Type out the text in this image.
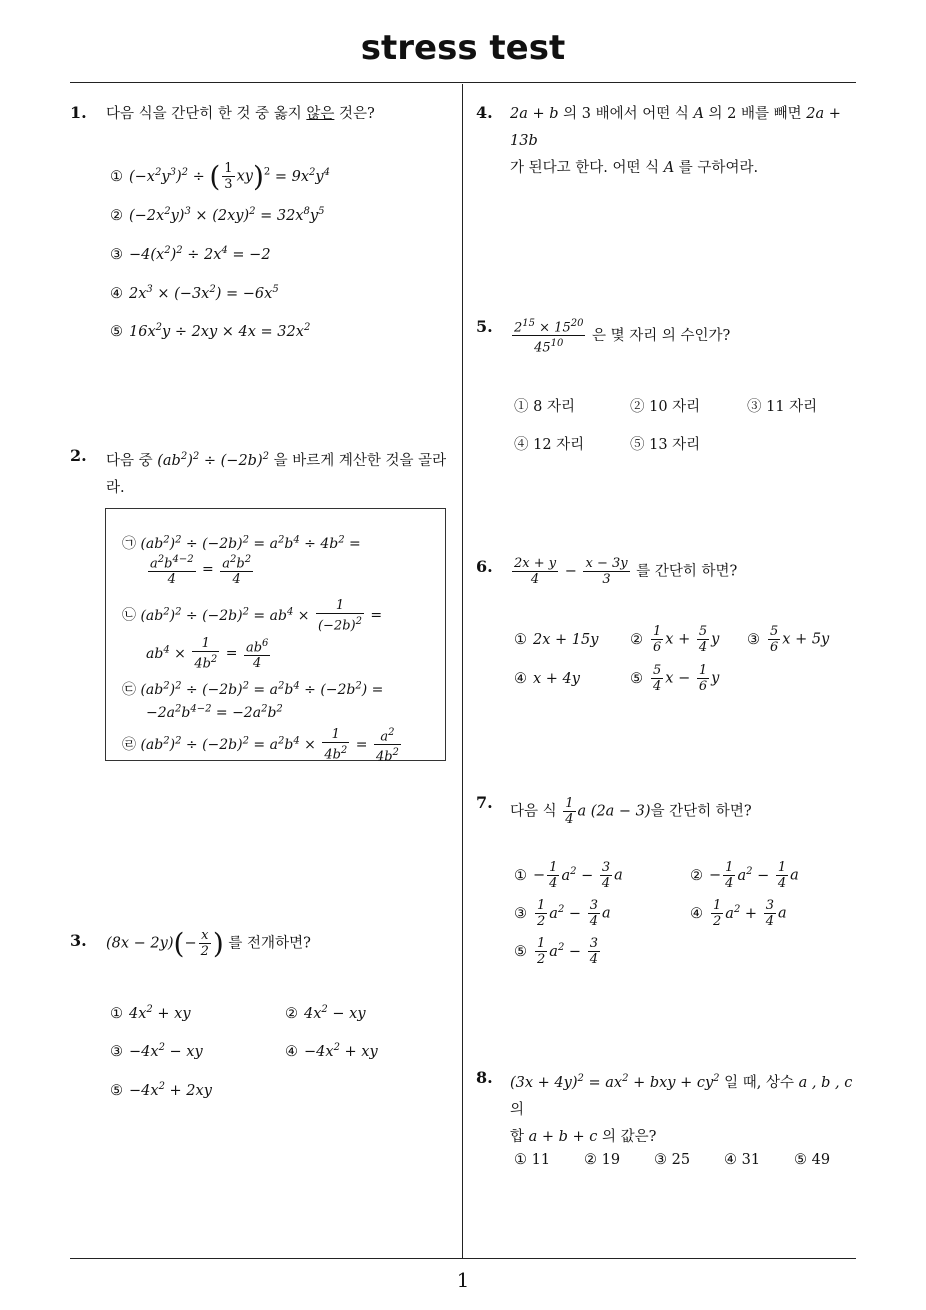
stress test
1
1. 다음 식을 간단히 한 것 중 옳지 않은 것은?
① $(-x^2y^3)^2$ ÷ ( $\frac{1}{3} xy)^2 = 9x^2y^4$
② $(-2x^2y)^3 \times (2xy)^2 = 32x^8y^5$
③ $-4(x^2)^2 \div 2x^4 = -2$
④ $2x^3 \times (-3x^2) = -6x^5$
⑤ $16x^2y \div 2xy \times 4x = 32x^2$
2. 다음 중 $(ab^2)^2 \div (-2b)^2$ 을 바르게 계산한 것을 골라
라.
㉠ $(ab^2)^2 \div (-2b)^2 = a^2b^4 \div 4b^2$ =
$\frac{a^2b^{4-2}}{4} = \frac{a^2b^2}{4}$
㉡ $(ab^2)^2 \div (-2b)^2 = ab^4 \times \frac{1}{(-2b)^2}$ =
$ab^4 \times \frac{1}{4b^2} = \frac{ab^6}{4}$
㉢ $(ab^2)^2 \div (-2b)^2 = a^2b^4 \div (-2b^2)$ =
$-2a^2b^{4-2} = -2a^2b^2$
㉣ $(ab^2)^2 \div (-2b)^2 = a^2b^4 \times \frac{1}{4b^2} = \frac{a^2}{4b^2}$
3. $(8x - 2y)(- \frac{x}{2}$ ) 를 전개하면?
① $4x^2$ + xy	② $4x^2$ − xy
③ $-4x^2$ − xy	④ $-4x^2$ + xy
⑤ $-4x^2 + 2xy$
4. 2a + b 의 3 배에서 어떤 식 A 의 2 배를 빼면 2a + 13b
가 된다고 한다. 어떤 식 A 를 구하여라.
5. $\frac{2^{15} \times 15^{20}}{45^{10}}$ 은 몇 자리 의 수인가?
① 8 자리	② 10 자리	③ 11 자리
④ 12 자리	⑤ 13 자리
6. $\frac{2x + y}{4} - \frac{x - 3y}{3}$ 를 간단히 하면?
① 2x + 15y ② $\frac{1}{6}$ $x + \frac{5}{4}$ y ③ $\frac{5}{6}$ x + 5y
④ x + 4y	⑤ $\frac{5}{4}$ $x - \frac{1}{6}$ y
7. 다음 식 $\frac{1}{4}$ a (2a − 3)을 간단히 하면?
① − $\frac{1}{4} a^2 - \frac{3}{4}$ a	② − $\frac{1}{4} a^2 - \frac{1}{4}$ a
③ $\frac{1}{2} a^2 - \frac{3}{4}$ a	④ $\frac{1}{2} a^2 + \frac{3}{4}$ a
⑤ $\frac{1}{2} a^2 - \frac{3}{4}$
8. $(3x + 4y)^2 = ax^2$ + bxy + $cy^2$ 일 때, 상수 a , b , c 의
합 a + b + c 의 값은?
① 11 ② 19 ③ 25 ④ 31 ⑤ 49
